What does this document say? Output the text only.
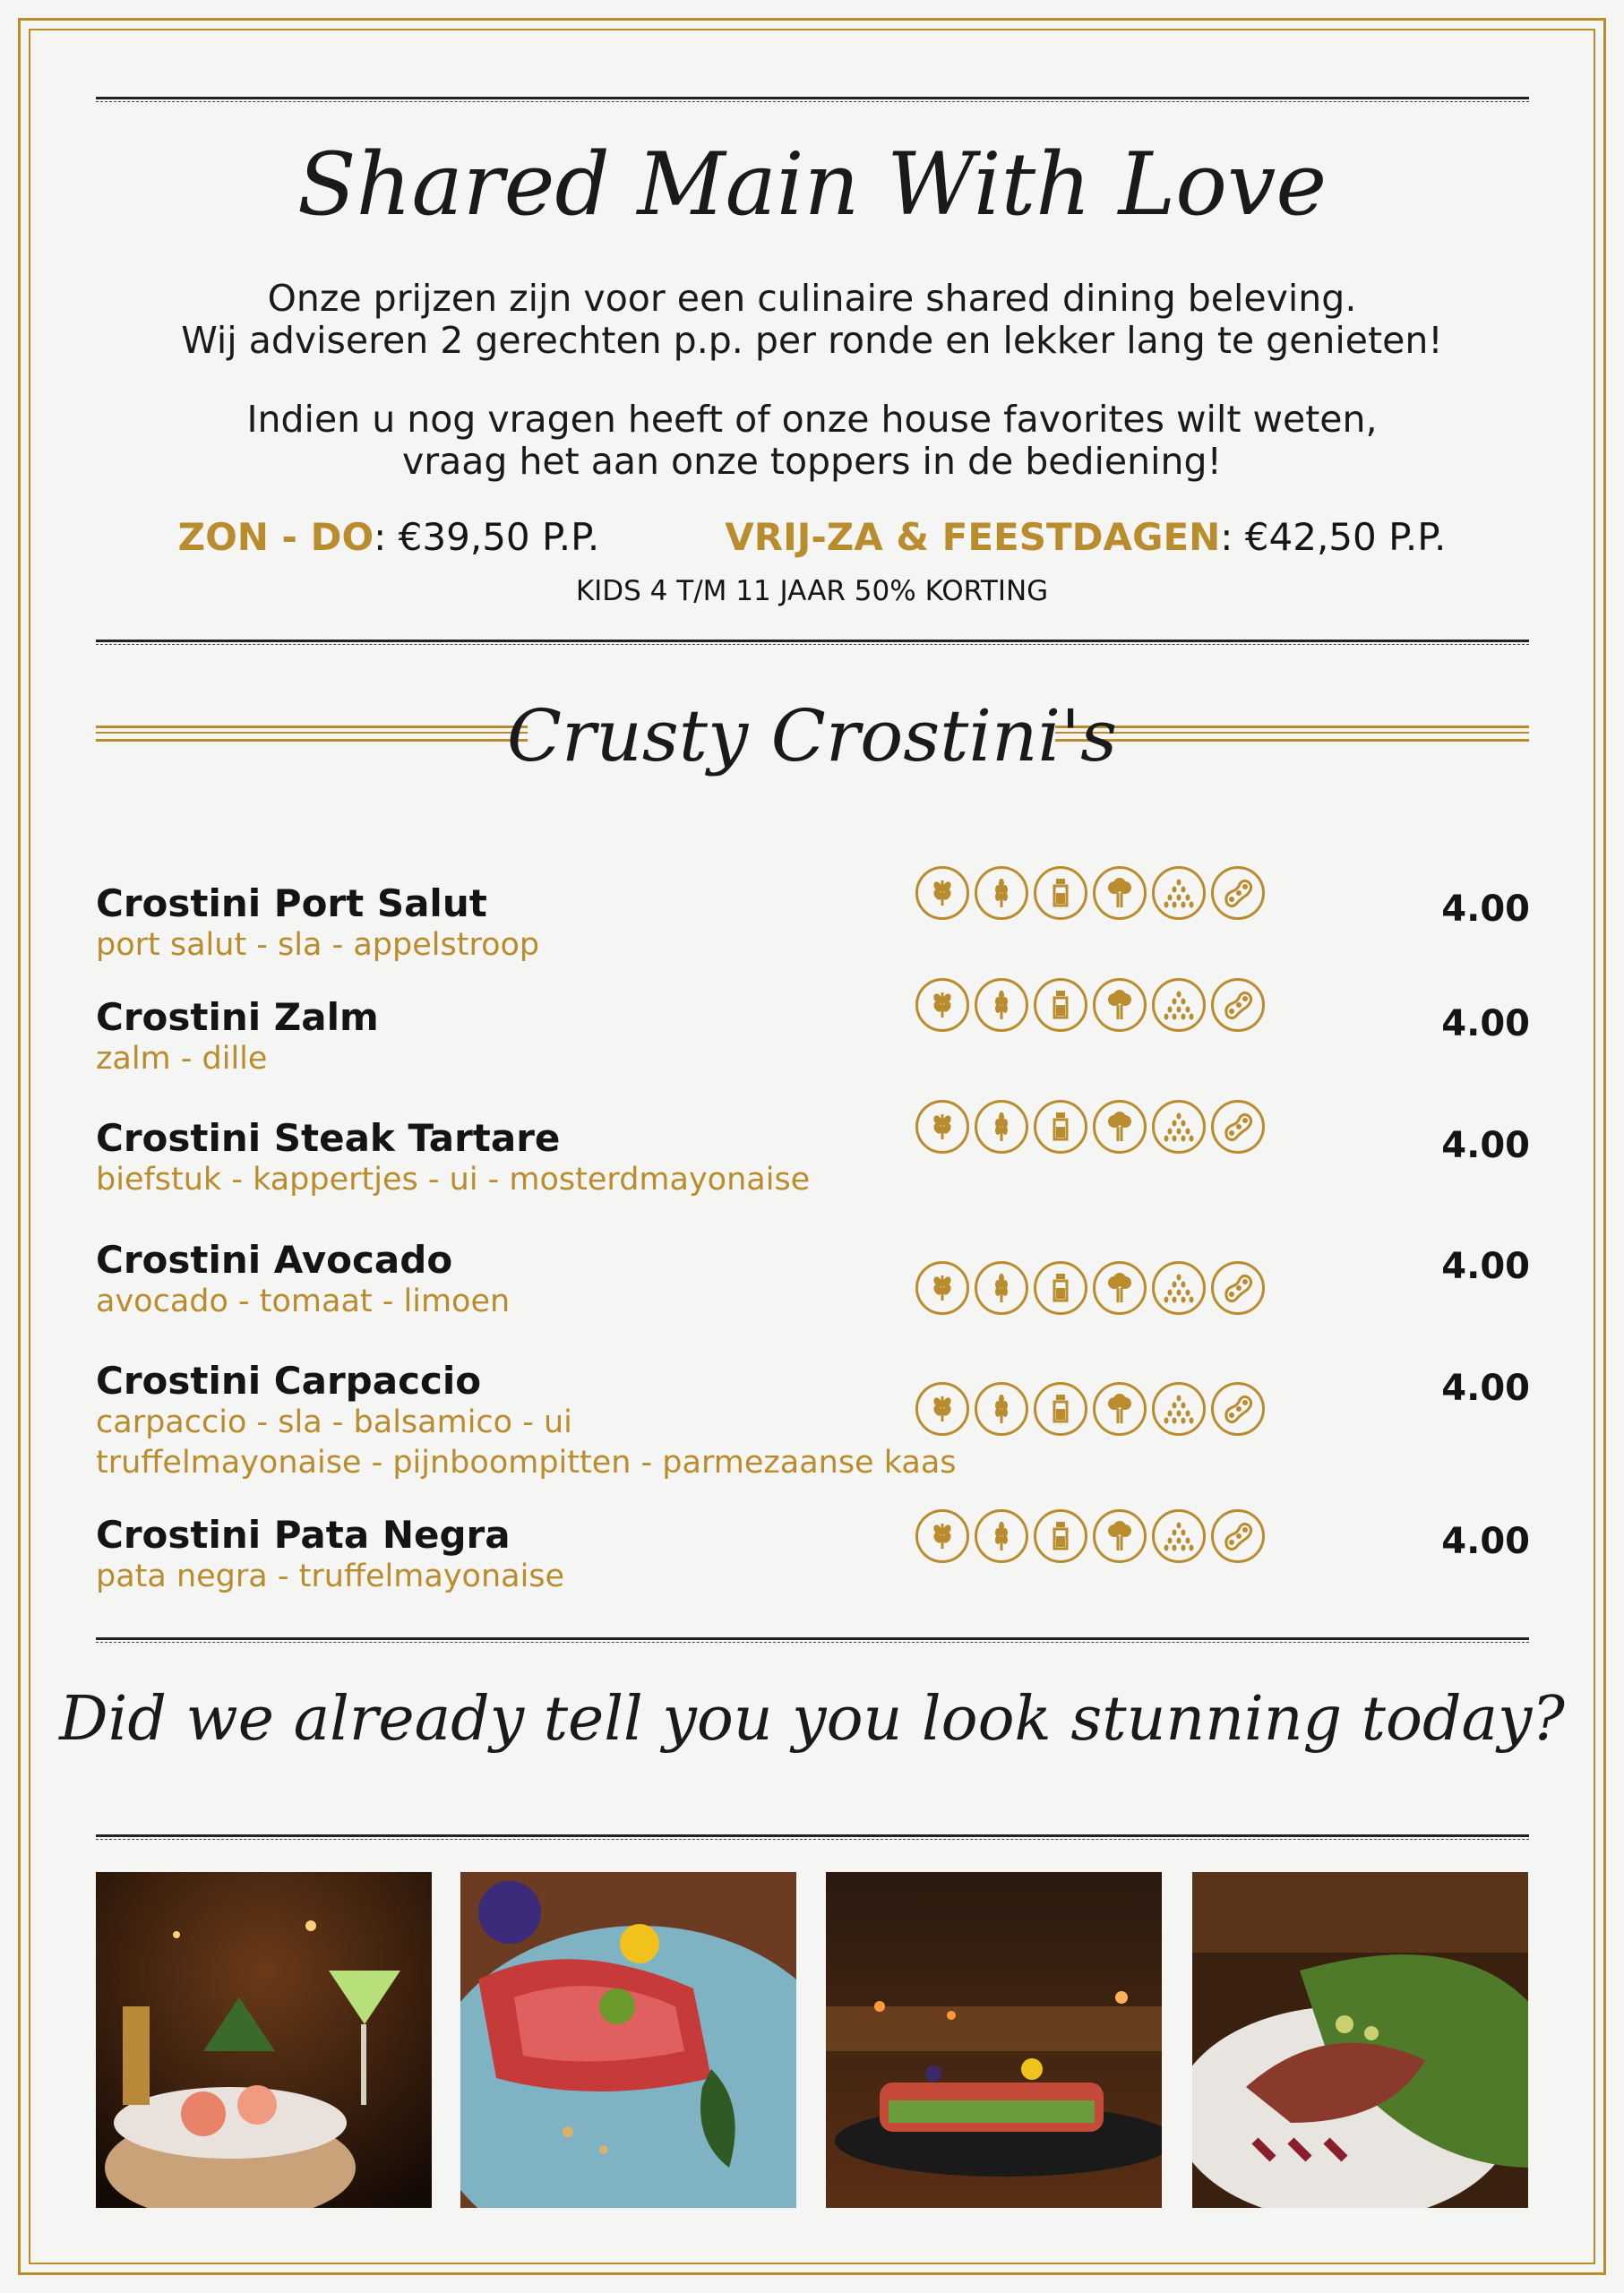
Shared Main With Love

Onze prijzen zijn voor een culinaire shared dining beleving.

Wij adviseren 2 gerechten p.p. per ronde en lekker lang te genieten!

Indien u nog vragen heeft of onze house favorites wilt weten,

vraag het aan onze toppers in de bediening!

ZON - DO: €39,50 P.P.	VRIJ-ZA & FEESTDAGEN: €42,50 P.P.
KIDS 4 T/M 11 JAAR 50% KORTING
Crusty Crostini's

Crostini Port Salut

port salut - sla - appelstroop

4.00

Crostini Zalm

zalm - dille

4.00

Crostini Steak Tartare

biefstuk - kappertjes - ui - mosterdmayonaise

4.00

Crostini Avocado

avocado - tomaat - limoen

4.00

Crostini Carpaccio

carpaccio - sla - balsamico - ui

truffelmayonaise - pijnboompitten - parmezaanse kaas

4.00

Crostini Pata Negra

pata negra - truffelmayonaise

4.00
Did we already tell you you look stunning today?
